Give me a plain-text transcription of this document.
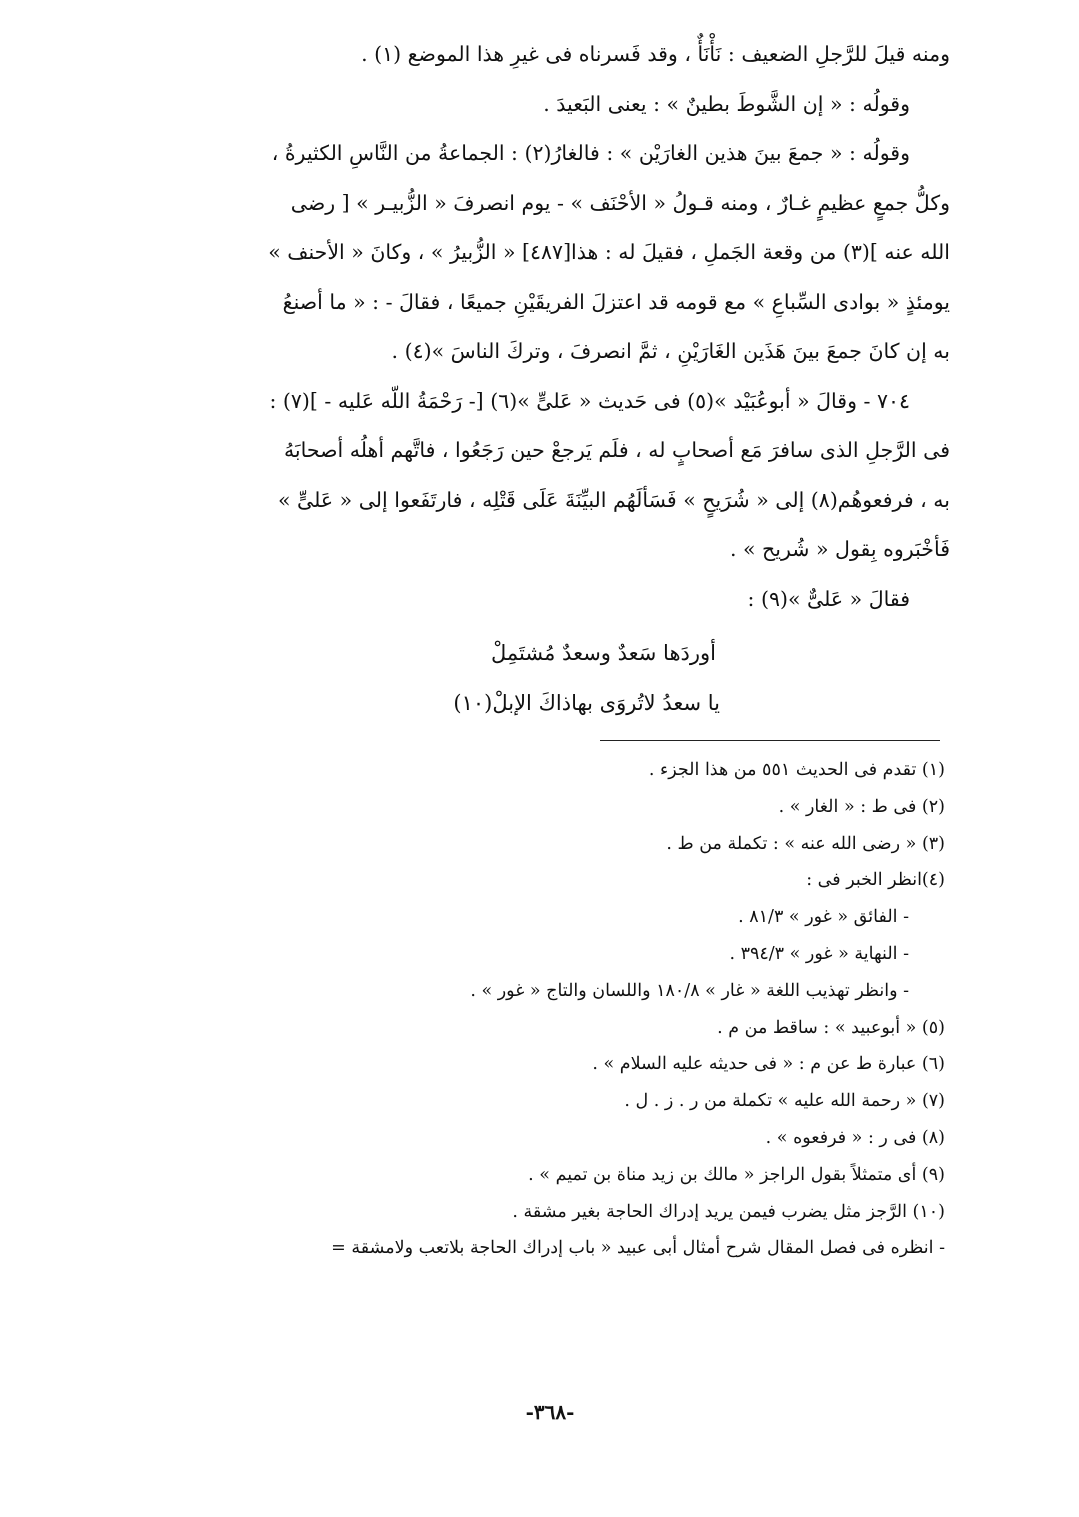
ومنه قيلَ للرَّجلِ الضعيف : نَأْنَأٌ ، وقد فَسرناه فى غيرِ هذا الموضع (١) .

وقولُه : « إن الشَّوطَ بطينٌ » : يعنى البَعيدَ .

وقولُه : « جمعَ بينَ هذين الغارَيْن » : فالغارُ(٢) : الجماعةُ من النَّاسِ الكثيرةُ ،

وكلُّ جمعٍ عظيمٍ غـارٌ ، ومنه قـولُ « الأحْنَف » - يوم انصرفَ « الزُّبيـر » [ رضى

الله عنه ](٣) من وقعة الجَملِ ، فقيلَ له : هذا[٤٨٧] « الزُّبيرُ » ، وكانَ « الأحنف »

يومئذٍ « بوادى السِّباعِ » مع قومه قد اعتزلَ الفريقَيْنِ جميعًا ، فقالَ - : « ما أصنعُ

به إن كانَ جمعَ بينَ هَذَين الغَارَيْنِ ، ثمَّ انصرفَ ، وتركَ الناسَ »(٤) .

٧٠٤ - وقالَ « أبوعُبَيْد »(٥) فى حَديث « عَلىٍّ »(٦) [- رَحْمَةُ اللّه عَليه - ](٧) :

فى الرَّجلِ الذى سافرَ مَع أصحابٍ له ، فلَم يَرجعْ حين رَجَعُوا ، فاتَّهم أهلُه أصحابَهُ

به ، فرفعوهُم(٨) إلى « شُرَيحٍ » فَسَألَهُم البيِّنَةَ عَلَى قَتْلِه ، فارتَفَعوا إلى « عَلىٍّ »

فَأخْبَروه بِقول « شُريح » .

فقالَ « عَلىٌّ »(٩) :

أوردَها سَعدٌ وسعدٌ مُشتَمِلْ
يا سعدُ لاتُروَى بهاذاكَ الإبلْ(١٠)

(١) تقدم فى الحديث ٥٥١ من هذا الجزء .

(٢) فى ط : « الغار » .

(٣) « رضى الله عنه » : تكملة من ط .

(٤)انظر الخبر فى :

- الفائق « غور » ٨١/٣ .

- النهاية « غور » ٣٩٤/٣ .

- وانظر تهذيب اللغة « غار » ١٨٠/٨ واللسان والتاج « غور » .

(٥) « أبوعبيد » : ساقط من م .

(٦) عبارة ط عن م : « فى حديثه عليه السلام » .

(٧) « رحمة الله عليه » تكملة من ر . ز . ل .

(٨) فى ر : « فرفعوه » .

(٩) أى متمثلاً بقول الراجز « مالك بن زيد مناة بن تميم » .

(١٠) الرَّجز مثل يضرب فيمن يريد إدراك الحاجة بغير مشقة .

- انظره فى فصل المقال شرح أمثال أبى عبيد « باب إدراك الحاجة بلاتعب ولامشقة =

-٣٦٨-
